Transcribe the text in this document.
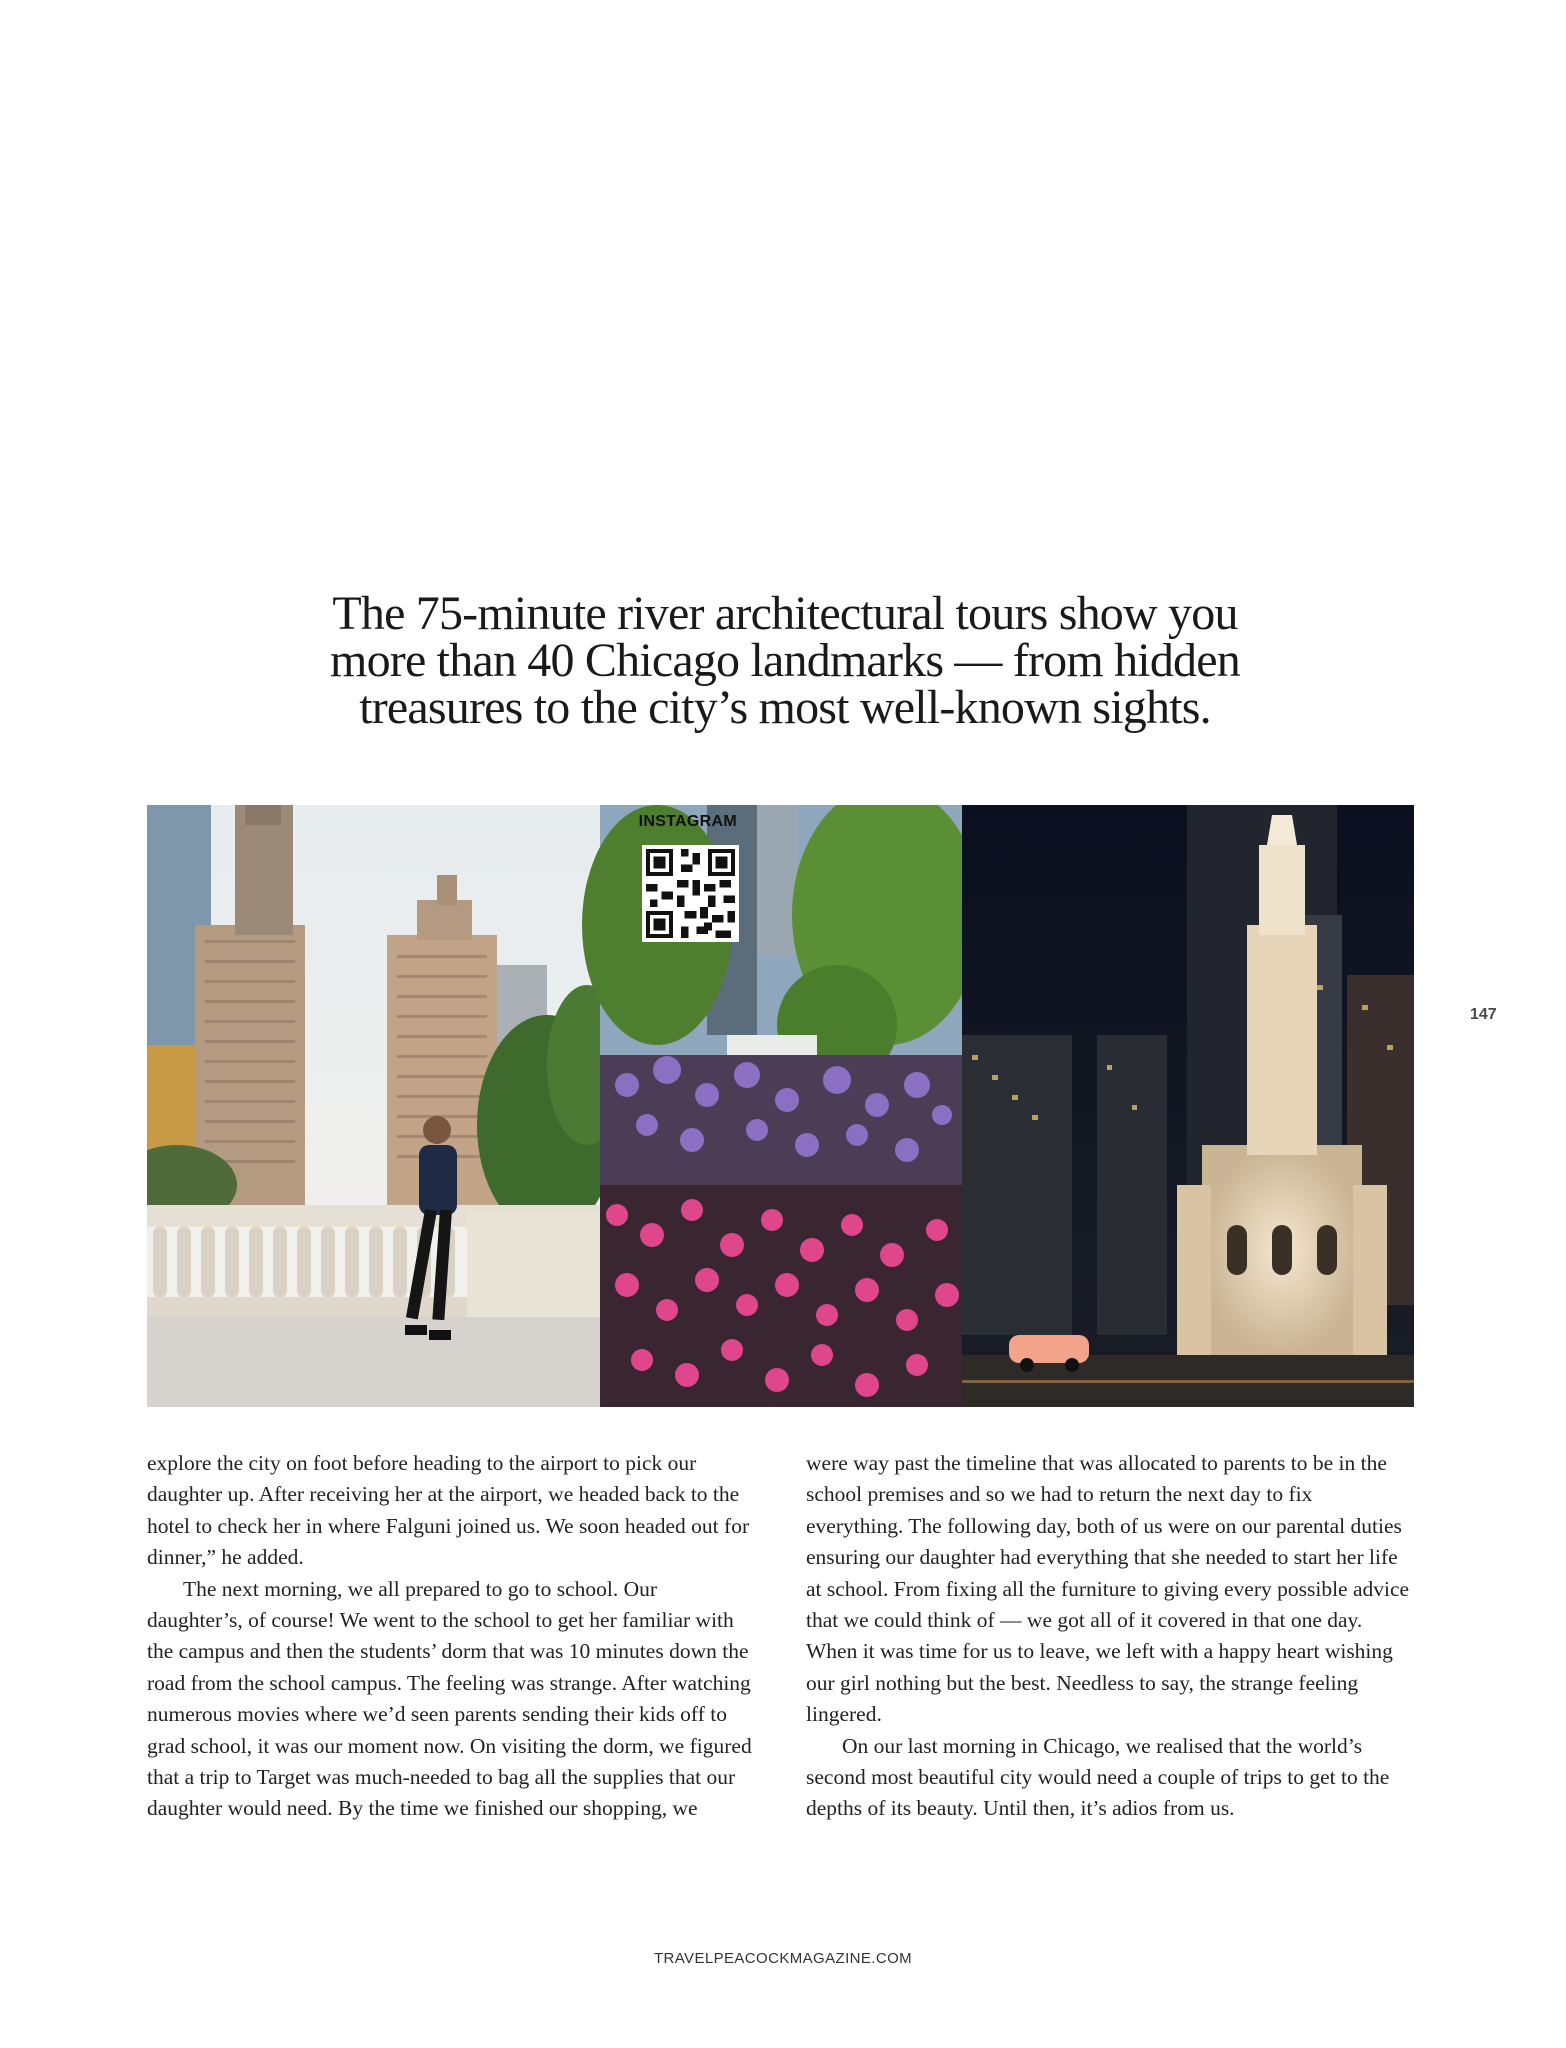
The 75-minute river architectural tours show you more than 40 Chicago landmarks — from hidden treasures to the city’s most well-known sights.
147
INSTAGRAM

explore the city on foot before heading to the airport to pick our daughter up. After receiving her at the airport, we headed back to the hotel to check her in where Falguni joined us. We soon headed out for dinner,” he added.

The next morning, we all prepared to go to school. Our daughter’s, of course! We went to the school to get her familiar with the campus and then the students’ dorm that was 10 minutes down the road from the school campus. The feeling was strange. After watching numerous movies where we’d seen parents sending their kids off to grad school, it was our moment now. On visiting the dorm, we figured that a trip to Target was much-needed to bag all the supplies that our daughter would need. By the time we finished our shopping, we

were way past the timeline that was allocated to parents to be in the school premises and so we had to return the next day to fix everything. The following day, both of us were on our parental duties ensuring our daughter had everything that she needed to start her life at school. From fixing all the furniture to giving every possible advice that we could think of — we got all of it covered in that one day. When it was time for us to leave, we left with a happy heart wishing our girl nothing but the best. Needless to say, the strange feeling lingered.

On our last morning in Chicago, we realised that the world’s second most beautiful city would need a couple of trips to get to the depths of its beauty. Until then, it’s adios from us.

TRAVELPEACOCKMAGAZINE.COM
